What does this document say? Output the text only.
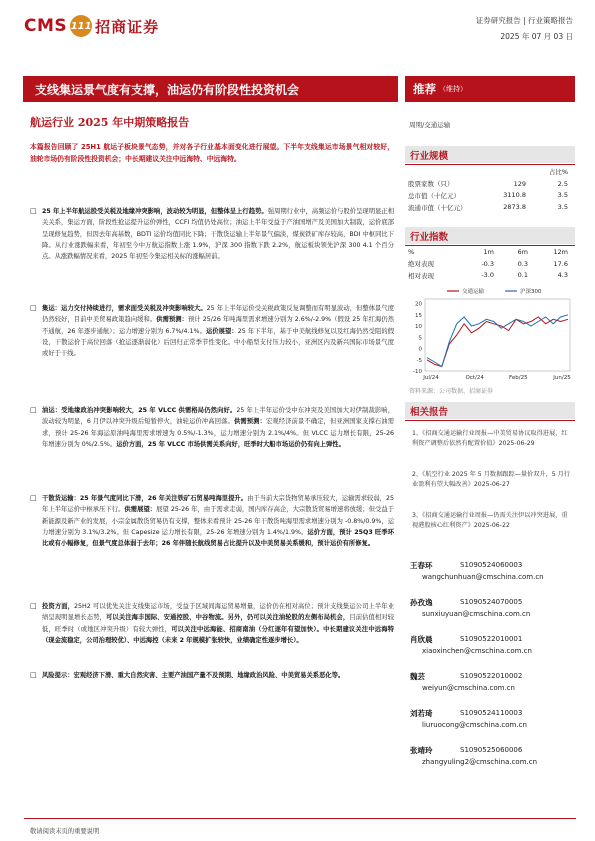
CMS 111 招商证券	证券研究报告 | 行业策略报告
2025 年 07 月 03 日
支线集运景气度有支撑，油运仍有阶段性投资机会	推荐 （维持）
航运行业 2025 年中期策略报告	周期/交通运输
本篇报告回顾了 25H1 航运子板块景气态势，并对各子行业基本面变化进行展望。下半年支线集运市场景气相对较好，油轮市场仍有阶段性投资机会；中长期建议关注中远海特、中远海特。
□ 25 年上半年航运股受关税及地缘冲突影响，波动较为明显，但整体呈上行趋势。强周期行业中，高频运价与股价呈现明显正相关关系，集运方面，阶段性抢运提升运价弹性，CCFI 均值仍处高位；油运上半年受益于产油国增产及美国加大制裁，运价底部呈现修复趋势，但因去年高基数，BDTI 运价均值同比下降；干散货运输上半年景气偏淡，煤炭铁矿库存较高，BDI 中枢同比下降。从行业涨跌幅来看，年初至今中万航运指数上涨 1.9%，沪深 300 指数下跌 2.2%，航运板块领先沪深 300 4.1 个百分点。从涨跌幅情况来看，2025 年初至今集运相关标的涨幅居前。
□ 集运：运力交付持续进行，需求面受关税及冲突影响较大。25 年上半年运价受关税政策反复调整而有明显波动，但整体景气度仍然较好，目前中美贸易政策趋向缓和。供需预测：预计 25/26 年吨海里需求增速分别为 2.6%/-2.9%（假设 25 年红海仍然不通航，26 年逐步通航）；运力增速分别为 6.7%/4.1%。运价展望：25 年下半年，基于中美航线修复以及红海仍然受阻的假设，干散运价于高位回落（抢运逐渐弱化）后回归正常季节性变化。中小船型支付压力较小，亚洲区内及新兴国际市场景气度或好于干线。
□ 油运：受地缘政治冲突影响较大，25 年 VLCC 供需格局仍然向好。25 年上半年运价受中东冲突及美国加大对伊制裁影响，波动较为明显，6 月伊以冲突升级后短暂停火，油轮运价冲高回落。供需预测：宏观经济前景不确定，但亚洲国家支撑石油需求，预计 25-26 年海运原油吨海里需求增速为 0.5%/-1.3%，运力增速分别为 2.1%/4%。但 VLCC 运力增长有限，25-26 年增速分别为 0%/2.5%。运价方面，25 年 VLCC 市场供需关系向好，旺季时大船市场运价仍有向上弹性。
□ 干散货运输：25 年景气度同比下滑，26 年关注铁矿石贸易吨海里提升。由于当前大宗货物贸易承压较大，运输需求较弱，25 年上半年运价中枢承压下行。供需展望：展望 25-26 年，由于需求走弱，国内库存高企，大宗散货贸易增速将放缓；但受益于新能源及新产业的发展，小宗金属散货贸易仍有支撑，整体来看预计 25-26 年干散货吨海里需求增速分别为 -0.8%/0.9%，运力增速分别为 3.1%/3.2%。但 Capesize 运力增长有限，25-26 年增速分别为 1.4%/1.9%。运价方面，预计 25Q3 旺季环比或有小幅修复，但景气度总体弱于去年；26 年伴随长航线贸易占比提升以及中美贸易关系缓和，预计运价有所修复。
□ 投资方面，25H2 可以优先关注支线集运市场，受益于区域间海运贸易增量，运价仍在相对高位；预计支线集运公司上半年业绩呈现明显增长态势，可以关注海丰国际、安通控股、中谷物流。另外，仍可以关注油轮股的左侧布局机会，目前估值相对较低，旺季时（或地区冲突升级）有较大弹性，可以关注中远海能、招商南油（分红逐年有望加快）。中长期建议关注中远海特（现金流稳定，公司治理较优）、中远海控（未来 2 年规模扩张较快，业绩确定性逐步增长）。
□ 风险提示：宏观经济下滑、重大自然灾害、主要产油国产量不及预期、地缘政治风险、中美贸易关系恶化等。
敬请阅读末页的重要说明
行业规模
		占比%
股票家数（只）	129	2.5
总市值（十亿元）	3110.8	3.5
流通市值（十亿元）	2873.8	3.5
行业指数
%	1m	6m	12m
绝对表现	-0.3	0.3	17.6
相对表现	-3.0	0.1	4.3
20
15
10
5
0
-5
-10
Jul/24	Oct/24	Feb/25	Jun/25
交通运输	沪深300
资料来源：公司数据、招商证券
相关报告
1、《招商交通运输行业周报—中美贸易协议取得进展，红利资产调整后依然有配置价值》2025-06-29
2、《航空行业 2025 年 5 月数据跟踪—量价双升，5 月行业盈利有望大幅改善》2025-06-27
3、《招商交通运输行业周报—仍需关注伊以冲突进展，重视港股核心红利资产》2025-06-22
王春环	S1090524060003
wangchunhuan@cmschina.com.cn
孙孜逸	S1090524070005
sunxiuyuan@cmschina.com.cn
肖欣晨	S1090522010001
xiaoxinchen@cmschina.com.cn
魏芸	S1090522010002
weiyun@cmschina.com.cn
刘若琦	S1090524110003
liuruocong@cmschina.com.cn
张靖玲	S1090525060006
zhangyuling2@cmschina.com.cn
